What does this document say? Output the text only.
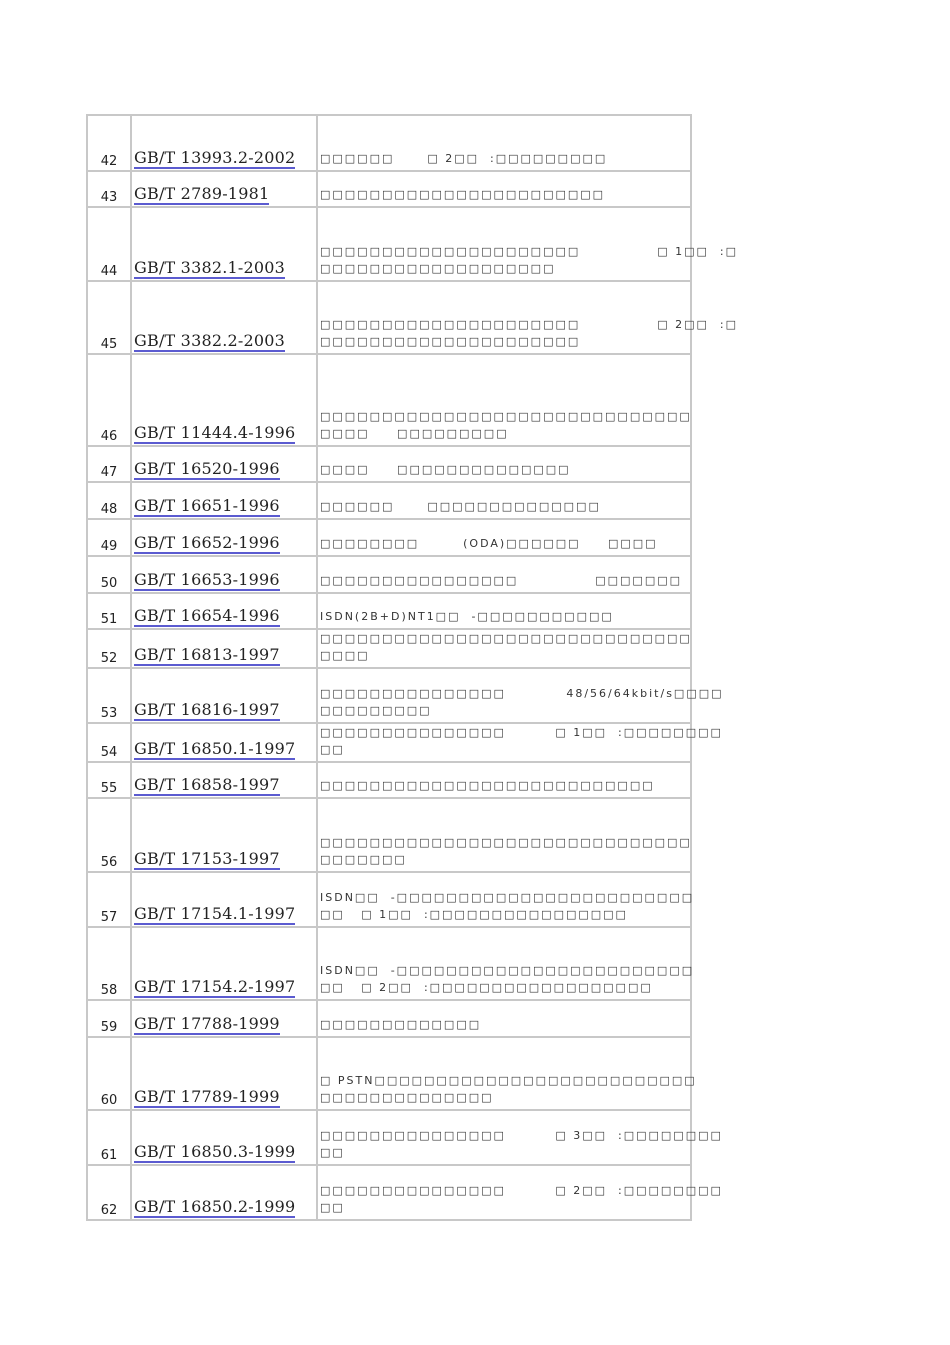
42	GB/T 13993.2-2002	□□□□□□      □ 2□□  :□□□□□□□□□

43	GB/T 2789-1981	□□□□□□□□□□□□□□□□□□□□□□□

44	GB/T 3382.1-2003	□□□□□□□□□□□□□□□□□□□□□              □ 1□□  :□
□□□□□□□□□□□□□□□□□□□

45	GB/T 3382.2-2003	□□□□□□□□□□□□□□□□□□□□□              □ 2□□  :□
□□□□□□□□□□□□□□□□□□□□□

46	GB/T 11444.4-1996	□□□□□□□□□□□□□□□□□□□□□□□□□□□□□□
□□□□     □□□□□□□□□

47	GB/T 16520-1996	□□□□     □□□□□□□□□□□□□□

48	GB/T 16651-1996	□□□□□□      □□□□□□□□□□□□□□

49	GB/T 16652-1996	□□□□□□□□        (ODA)□□□□□□     □□□□

50	GB/T 16653-1996	□□□□□□□□□□□□□□□□              □□□□□□□

51	GB/T 16654-1996	ISDN(2B+D)NT1□□  -□□□□□□□□□□□

52	GB/T 16813-1997	□□□□□□□□□□□□□□□□□□□□□□□□□□□□□□
□□□□

53	GB/T 16816-1997	□□□□□□□□□□□□□□□           48/56/64kbit/s□□□□
□□□□□□□□□

54	GB/T 16850.1-1997	□□□□□□□□□□□□□□□         □ 1□□  :□□□□□□□□
□□

55	GB/T 16858-1997	□□□□□□□□□□□□□□□□□□□□□□□□□□□

56	GB/T 17153-1997	□□□□□□□□□□□□□□□□□□□□□□□□□□□□□□
□□□□□□□

57	GB/T 17154.1-1997	ISDN□□  -□□□□□□□□□□□□□□□□□□□□□□□□
□□   □ 1□□  :□□□□□□□□□□□□□□□□

58	GB/T 17154.2-1997	ISDN□□  -□□□□□□□□□□□□□□□□□□□□□□□□
□□   □ 2□□  :□□□□□□□□□□□□□□□□□□

59	GB/T 17788-1999	□□□□□□□□□□□□□

60	GB/T 17789-1999	□ PSTN□□□□□□□□□□□□□□□□□□□□□□□□□□
□□□□□□□□□□□□□□

61	GB/T 16850.3-1999	□□□□□□□□□□□□□□□         □ 3□□  :□□□□□□□□
□□

62	GB/T 16850.2-1999	□□□□□□□□□□□□□□□         □ 2□□  :□□□□□□□□
□□
